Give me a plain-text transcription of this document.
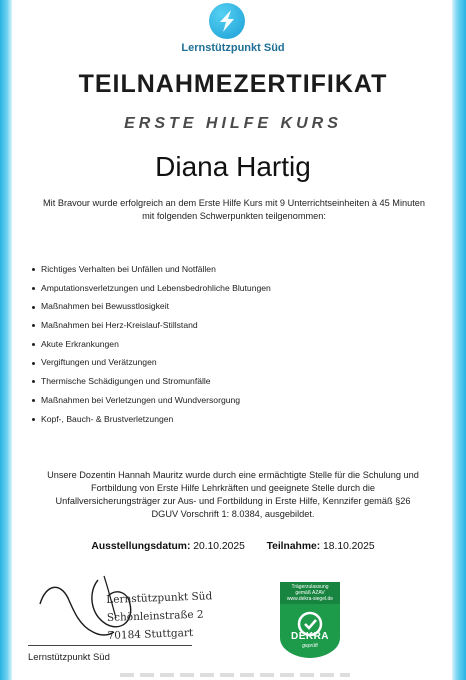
Lernstützpunkt Süd
TEILNAHMEZERTIFIKAT
ERSTE HILFE KURS
Diana Hartig
Mit Bravour wurde erfolgreich an dem Erste Hilfe Kurs mit 9 Unterrichtseinheiten à 45 Minuten
mit folgenden Schwerpunkten teilgenommen:
Richtiges Verhalten bei Unfällen und Notfällen
Amputationsverletzungen und Lebensbedrohliche Blutungen
Maßnahmen bei Bewusstlosigkeit
Maßnahmen bei Herz-Kreislauf-Stillstand
Akute Erkrankungen
Vergiftungen und Verätzungen
Thermische Schädigungen und Stromunfälle
Maßnahmen bei Verletzungen und Wundversorgung
Kopf-, Bauch- & Brustverletzungen
Unsere Dozentin Hannah Mauritz wurde durch eine ermächtigte Stelle für die Schulung und
Fortbildung von Erste Hilfe Lehrkräften und geeignete Stelle durch die
Unfallversicherungsträger zur Aus- und Fortbildung in Erste Hilfe, Kennzifer gemäß §26
DGUV Vorschrift 1: 8.0384, ausgebildet.
Ausstellungsdatum: 20.10.2025 Teilnahme: 18.10.2025
Lernstützpunkt Süd
Schönleinstraße 2
70184 Stuttgart
Lernstützpunkt Süd
Trägerzulassung
gemäß AZAV
www.dekra-siegel.de
DEKRA
geprüft
